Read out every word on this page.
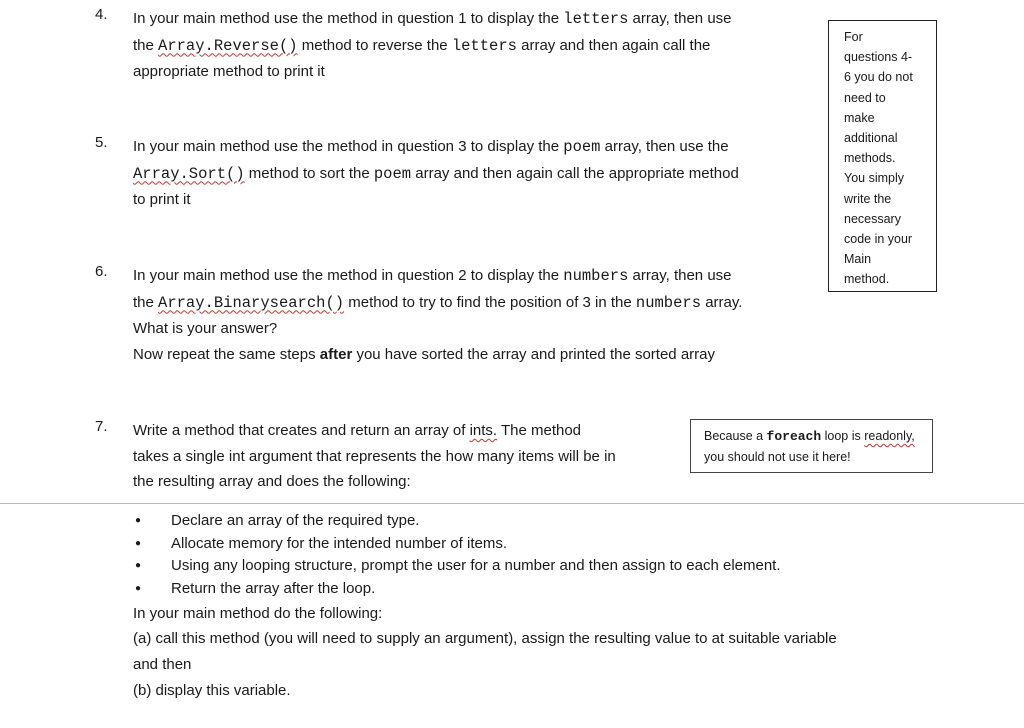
For
questions 4-
6 you do not
need to
make
additional
methods.
You simply
write the
necessary
code in your
Main
method.
4. In your main method use the method in question 1 to display the letters array, then use

the Array.Reverse() method to reverse the letters array and then again call the

appropriate method to print it

5. In your main method use the method in question 3 to display the poem array, then use the

Array.Sort() method to sort the poem array and then again call the appropriate method

to print it

6. In your main method use the method in question 2 to display the numbers array, then use

the Array.Binarysearch() method to try to find the position of 3 in the numbers array.

What is your answer?

Now repeat the same steps after you have sorted the array and printed the sorted array

7. Write a method that creates and return an array of ints. The method

takes a single int argument that represents the how many items will be in

the resulting array and does the following:

Because a foreach loop is readonly,
you should not use it here!
● Declare an array of the required type.
● Allocate memory for the intended number of items.
● Using any looping structure, prompt the user for a number and then assign to each element.
● Return the array after the loop.

In your main method do the following:

(a) call this method (you will need to supply an argument), assign the resulting value to at suitable variable

and then

(b) display this variable.
